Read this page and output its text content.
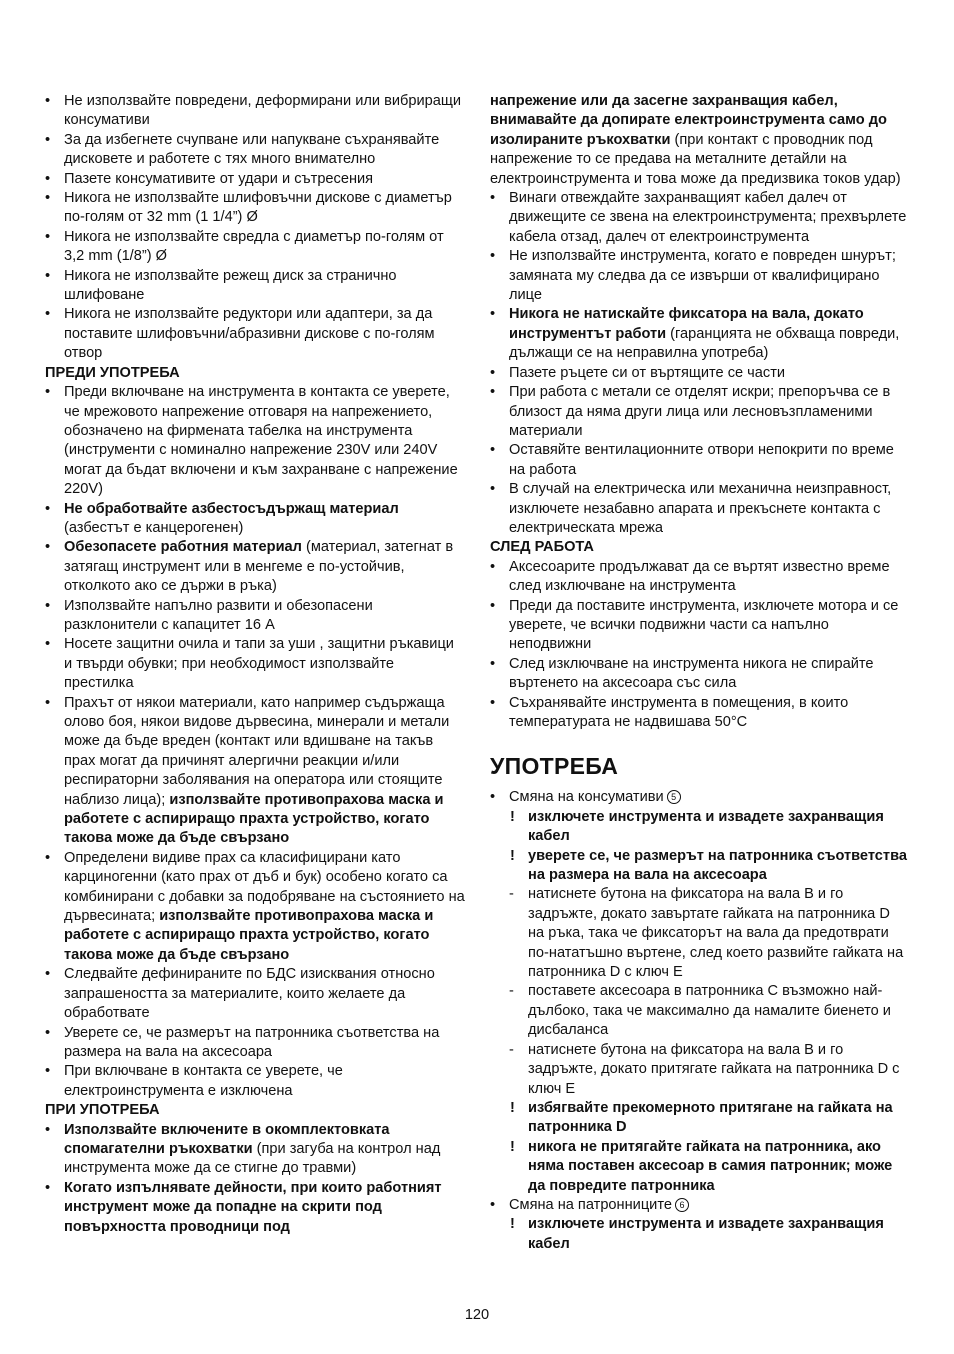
• Не използвайте повредени, деформирани или вибриращи консумативи
• За да избегнете счупване или напукване съхранявайте дисковете и работете с тях много внимателно
• Пазете консумативите от удари и сътресения
• Никога не използвайте шлифовъчни дискове с диаметър по-голям от 32 mm (1 1/4”) Ø
• Никога не използвайте свредла с диаметър по-голям от 3,2 mm (1/8”) Ø
• Никога не използвайте режещ диск за странично шлифоване
• Никога не използвайте редуктори или адаптери, за да поставите шлифовъчни/абразивни дискове с по-голям отвор
ПРЕДИ УПОТРЕБА
• Преди включване на инструмента в контакта се уверете, че мрежовото напрежение отговаря на напрежението, обозначено на фирмената табелка на инструмента (инструменти с номинално напрежение 230V или 240V могат да бъдат включени и към захранване с напрежение 220V)
• Не обработвайте азбестосъдържащ материал (азбестът е канцерогенен)
• Обезопасете работния материал (материал, затегнат в затягащ инструмент или в менгеме е по-устойчив, отколкото ако се държи в ръка)
• Използвайте напълно развити и обезопасени разклонители с капацитет 16 A
• Носете защитни очила и тапи за уши , защитни ръкавици и твърди обувки; при необходимост използвайте престилка
• Прахът от някои материали, като например съдържаща олово боя, някои видове дървесина, минерали и метали може да бъде вреден (контакт или вдишване на такъв прах могат да причинят алергични реакции и/или респираторни заболявания на оператора или стоящите наблизо лица); използвайте противопрахова маска и работете с аспириращо прахта устройство, когато такова може да бъде свързано
• Определени видиве прах са класифицирани като карциногенни (като прах от дъб и бук) особено когато са комбинирани с добавки за подобряване на състоянието на дървесината; използвайте противопрахова маска и работете с аспириращо прахта устройство, когато такова може да бъде свързано
• Следвайте дефинираните по БДС изисквания относно запрашеността за материалите, които желаете да обработвате
• Уверете се, че размерът на патронника съответства на размера на вала на аксесоара
• При включване в контакта се уверете, че електроинструмента е изключена
ПРИ УПОТРЕБА
• Използвайте включените в окомплектовката спомагателни ръкохватки (при загуба на контрол над инструмента може да се стигне до травми)
• Когато изпълнявате дейности, при които работният инструмент може да попадне на скрити под повърхността проводници под
напрежение или да засегне захранващия кабел, внимавайте да допирате електроинструмента само до изолираните ръкохватки (при контакт с проводник под напрежение то се предава на металните детайли на електроинструмента и това може да предизвика токов удар)
• Винаги отвеждайте захранващият кабел далеч от движещите се звена на електроинструмента; прехвърлете кабела отзад, далеч от електроинструмента
• Не използвайте инструмента, когато е повреден шнурът; замяната му следва да се извърши от квалифицирано лице
• Никога не натискайте фиксатора на вала, докато инструментът работи (гаранцията не обхваща повреди, дължащи се на неправилна употреба)
• Пазете ръцете си от въртящите се части
• При работа с метали се отделят искри; препоръчва се в близост да няма други лица или лесновъзпламеними материали
• Оставяйте вентилационните отвори непокрити по време на работа
• В случай на електрическа или механична неизправност, изключете незабавно апарата и прекъснете контакта с електрическата мрежа
СЛЕД РАБОТА
• Аксесоарите продължават да се въртят известно време след изключване на инструмента
• Преди да поставите инструмента, изключете мотора и се уверете, че всички подвижни части са напълно неподвижни
• След изключване на инструмента никога не спирайте въртенето на аксесоара със сила
• Съхранявайте инструмента в помещения, в които температурата не надвишава 50°C
УПОТРЕБА
• Смяна на консумативи 5
! изключете инструмента и извадете захранващия кабел
! уверете се, че размерът на патронника съответства на размера на вала на аксесоара
- натиснете бутона на фиксатора на вала B и го задръжте, докато завъртате гайката на патронника D на ръка, така че фиксаторът на вала да предотврати по-нататъшно въртене, след което развийте гайката на патронника D с ключ E
- поставете аксесоара в патронника C възможно най-дълбоко, така че максимално да намалите биенето и дисбаланса
- натиснете бутона на фиксатора на вала B и го задръжте, докато притягате гайката на патронника D с ключ E
! избягвайте прекомерното притягане на гайката на патронника D
! никога не притягайте гайката на патронника, ако няма поставен аксесоар в самия патронник; може да повредите патронника
• Смяна на патронниците 6
! изключете инструмента и извадете захранващия кабел
120
